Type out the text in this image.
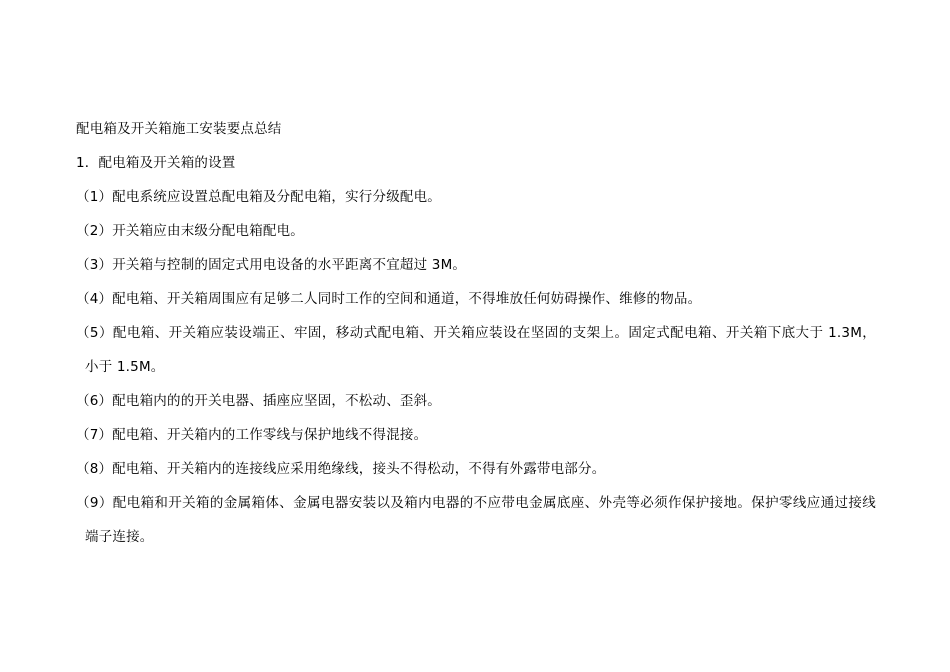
配电箱及开关箱施工安装要点总结

1．配电箱及开关箱的设置

（1）配电系统应设置总配电箱及分配电箱，实行分级配电。

（2）开关箱应由末级分配电箱配电。

（3）开关箱与控制的固定式用电设备的水平距离不宜超过 3M。

（4）配电箱、开关箱周围应有足够二人同时工作的空间和通道，不得堆放任何妨碍操作、维修的物品。

（5）配电箱、开关箱应装设端正、牢固，移动式配电箱、开关箱应装设在坚固的支架上。固定式配电箱、开关箱下底大于 1.3M，小于 1.5M。

（6）配电箱内的的开关电器、插座应坚固，不松动、歪斜。

（7）配电箱、开关箱内的工作零线与保护地线不得混接。

（8）配电箱、开关箱内的连接线应采用绝缘线，接头不得松动，不得有外露带电部分。

（9）配电箱和开关箱的金属箱体、金属电器安装以及箱内电器的不应带电金属底座、外壳等必须作保护接地。保护零线应通过接线端子连接。
